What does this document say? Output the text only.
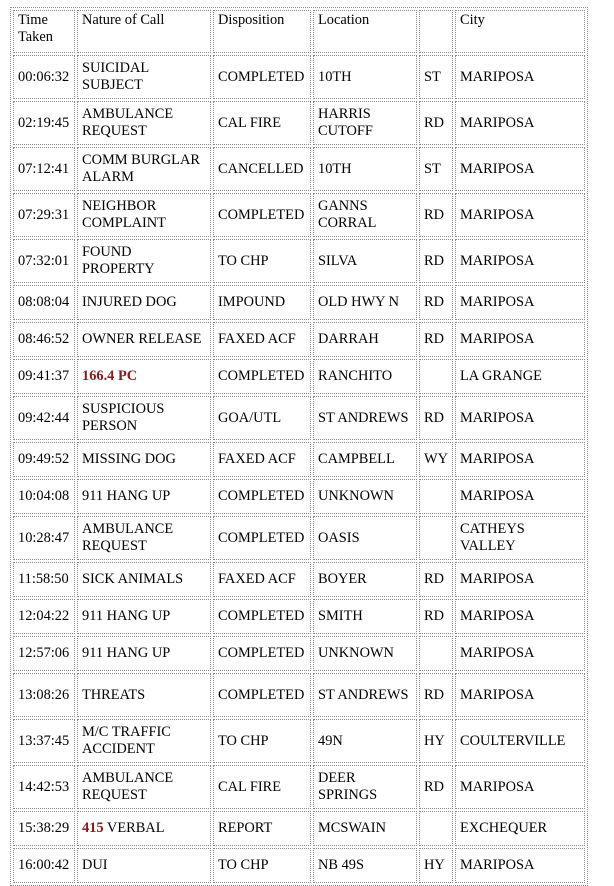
Time Taken	Nature of Call	Disposition	Location		City
00:06:32	SUICIDAL SUBJECT	COMPLETED	10TH	ST	MARIPOSA
02:19:45	AMBULANCE REQUEST	CAL FIRE	HARRIS CUTOFF	RD	MARIPOSA
07:12:41	COMM BURGLAR ALARM	CANCELLED	10TH	ST	MARIPOSA
07:29:31	NEIGHBOR COMPLAINT	COMPLETED	GANNS CORRAL	RD	MARIPOSA
07:32:01	FOUND PROPERTY	TO CHP	SILVA	RD	MARIPOSA
08:08:04	INJURED DOG	IMPOUND	OLD HWY N	RD	MARIPOSA
08:46:52	OWNER RELEASE	FAXED ACF	DARRAH	RD	MARIPOSA
09:41:37	166.4 PC	COMPLETED	RANCHITO		LA GRANGE
09:42:44	SUSPICIOUS PERSON	GOA/UTL	ST ANDREWS	RD	MARIPOSA
09:49:52	MISSING DOG	FAXED ACF	CAMPBELL	WY	MARIPOSA
10:04:08	911 HANG UP	COMPLETED	UNKNOWN		MARIPOSA
10:28:47	AMBULANCE REQUEST	COMPLETED	OASIS		CATHEYS VALLEY
11:58:50	SICK ANIMALS	FAXED ACF	BOYER	RD	MARIPOSA
12:04:22	911 HANG UP	COMPLETED	SMITH	RD	MARIPOSA
12:57:06	911 HANG UP	COMPLETED	UNKNOWN		MARIPOSA
13:08:26	THREATS	COMPLETED	ST ANDREWS	RD	MARIPOSA
13:37:45	M/C TRAFFIC ACCIDENT	TO CHP	49N	HY	COULTERVILLE
14:42:53	AMBULANCE REQUEST	CAL FIRE	DEER SPRINGS	RD	MARIPOSA
15:38:29	415 VERBAL	REPORT	MCSWAIN		EXCHEQUER
16:00:42	DUI	TO CHP	NB 49S	HY	MARIPOSA
